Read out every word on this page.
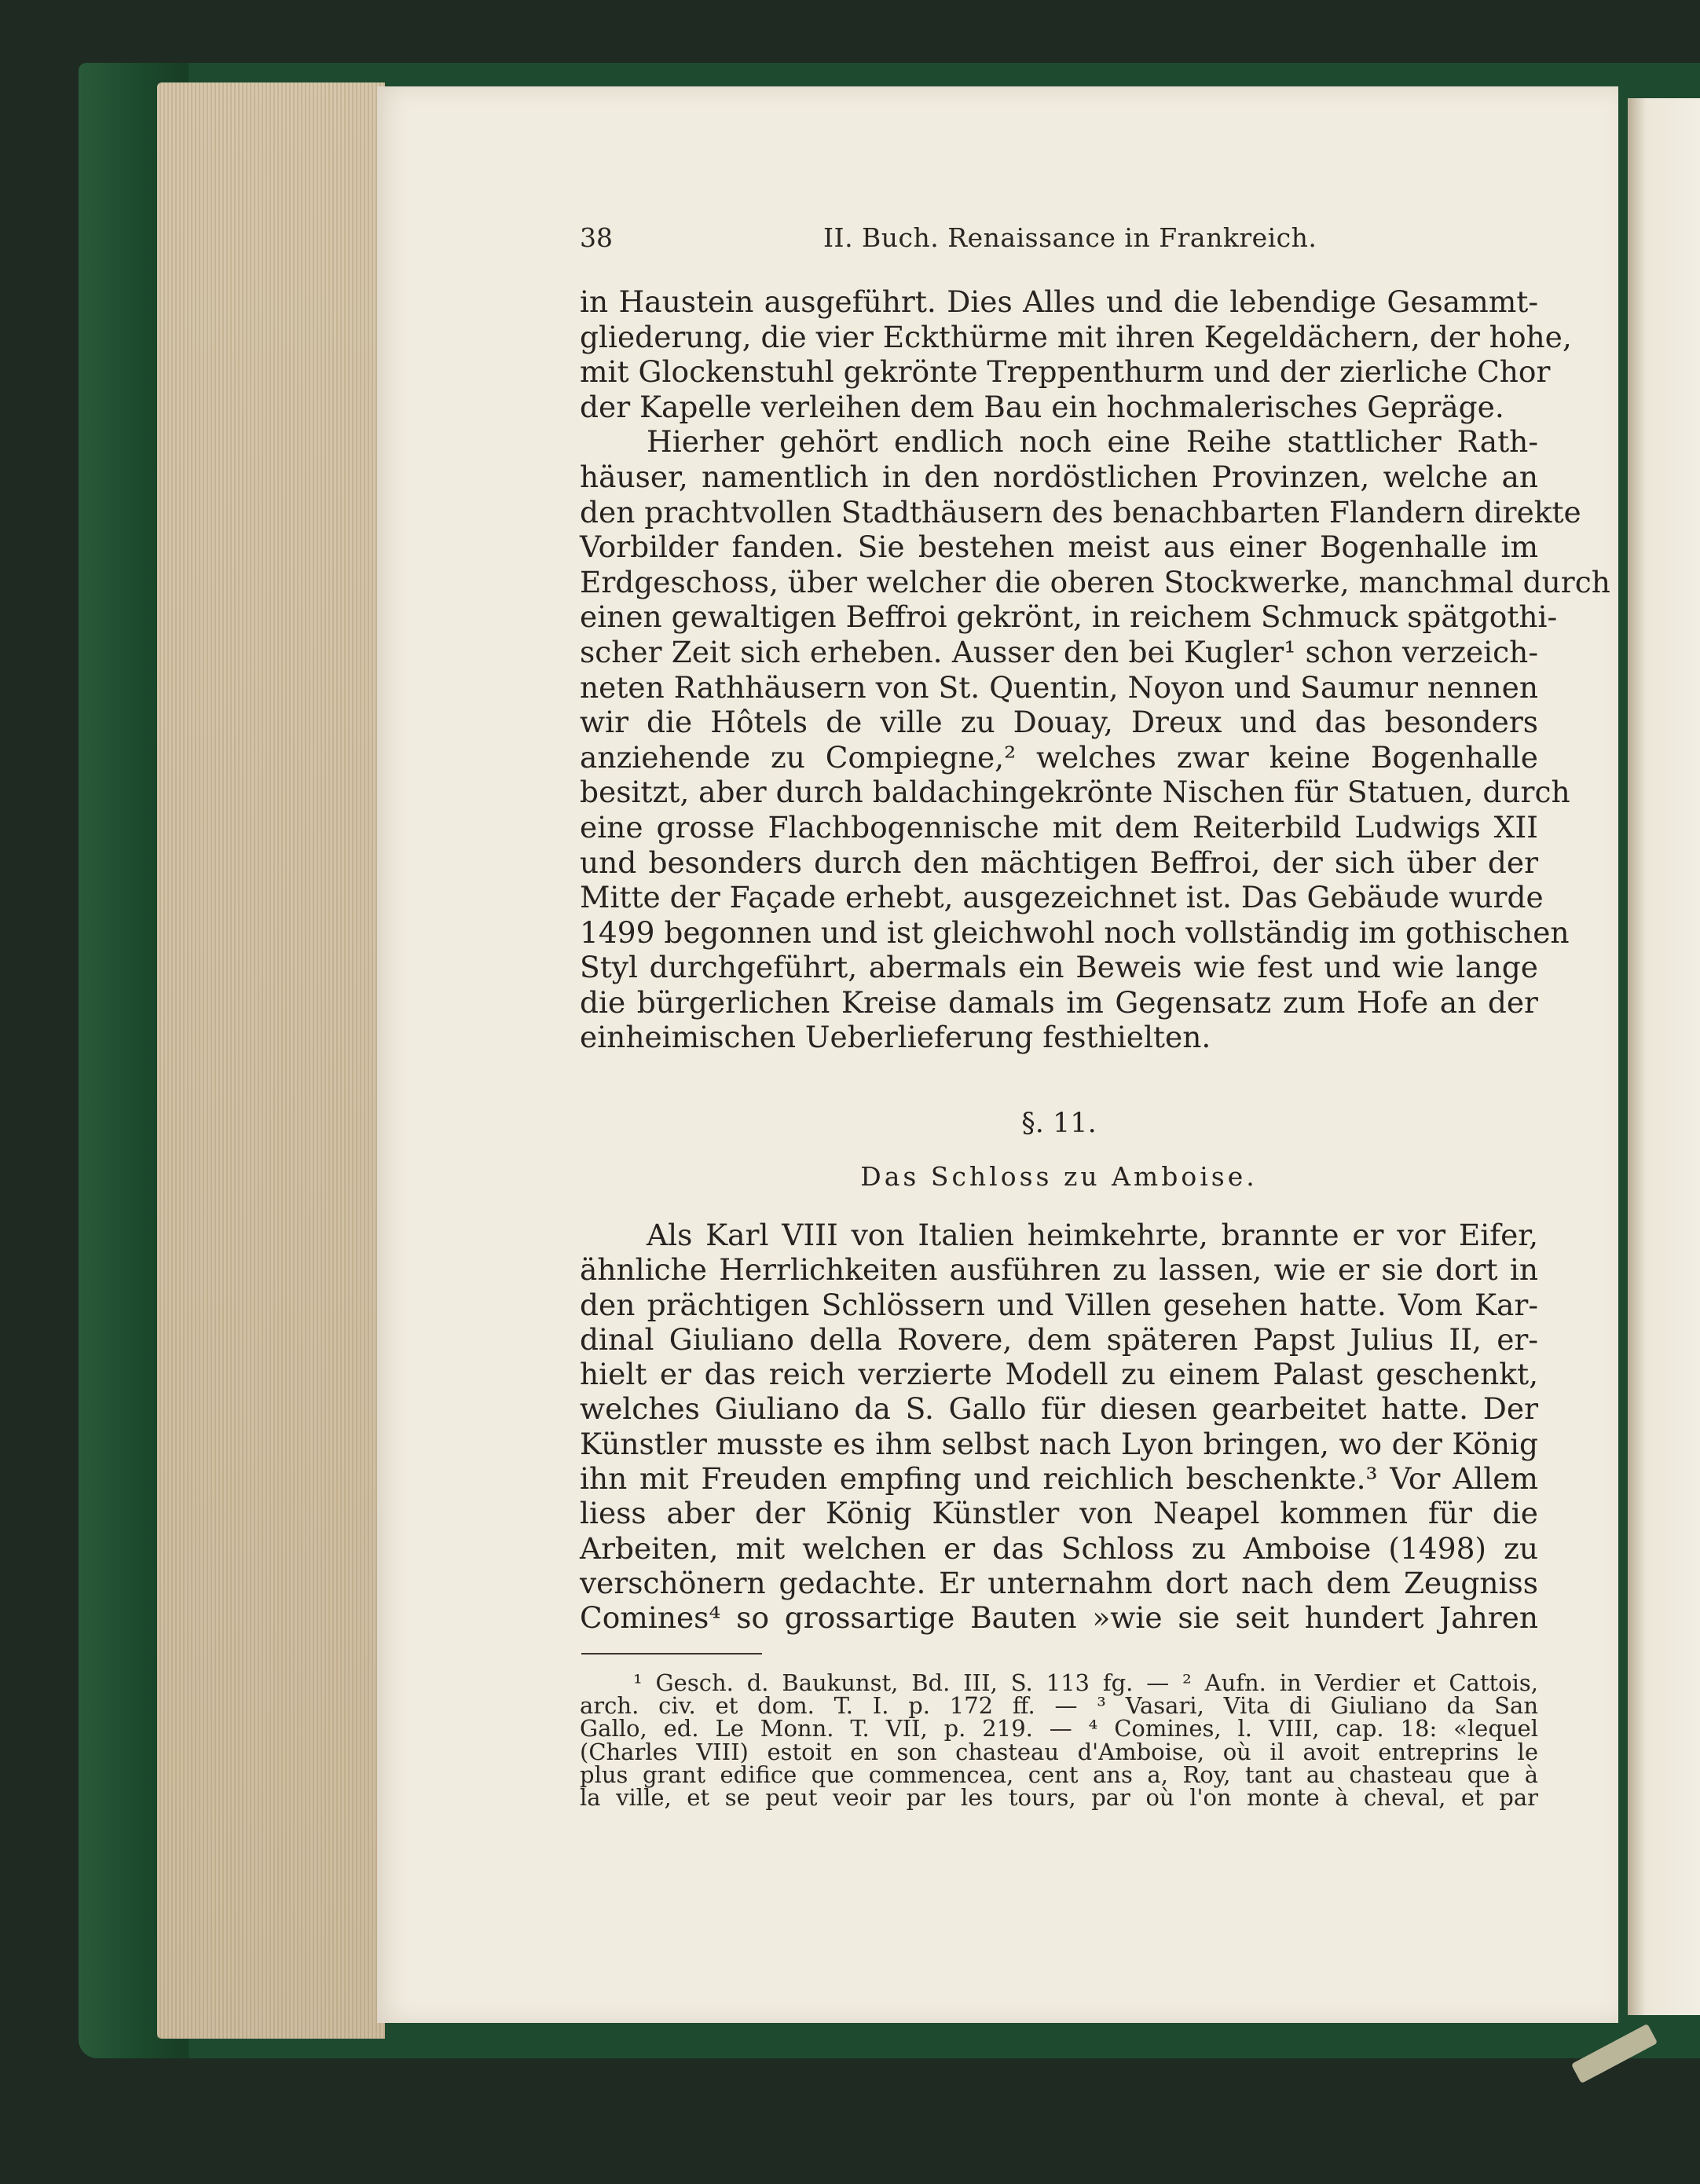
38	II. Buch. Renaissance in Frankreich.
in Haustein ausgeführt. Dies Alles und die lebendige Gesammt-
gliederung, die vier Eckthürme mit ihren Kegeldächern, der hohe,
mit Glockenstuhl gekrönte Treppenthurm und der zierliche Chor
der Kapelle verleihen dem Bau ein hochmalerisches Gepräge.
Hierher gehört endlich noch eine Reihe stattlicher Rath-
häuser, namentlich in den nordöstlichen Provinzen, welche an
den prachtvollen Stadthäusern des benachbarten Flandern direkte
Vorbilder fanden. Sie bestehen meist aus einer Bogenhalle im
Erdgeschoss, über welcher die oberen Stockwerke, manchmal durch
einen gewaltigen Beffroi gekrönt, in reichem Schmuck spätgothi-
scher Zeit sich erheben. Ausser den bei Kugler¹ schon verzeich-
neten Rathhäusern von St. Quentin, Noyon und Saumur nennen
wir die Hôtels de ville zu Douay, Dreux und das besonders
anziehende zu Compiegne,² welches zwar keine Bogenhalle
besitzt, aber durch baldachingekrönte Nischen für Statuen, durch
eine grosse Flachbogennische mit dem Reiterbild Ludwigs XII
und besonders durch den mächtigen Beffroi, der sich über der
Mitte der Façade erhebt, ausgezeichnet ist. Das Gebäude wurde
1499 begonnen und ist gleichwohl noch vollständig im gothischen
Styl durchgeführt, abermals ein Beweis wie fest und wie lange
die bürgerlichen Kreise damals im Gegensatz zum Hofe an der
einheimischen Ueberlieferung festhielten.
§. 11.
Das Schloss zu Amboise.
Als Karl VIII von Italien heimkehrte, brannte er vor Eifer,
ähnliche Herrlichkeiten ausführen zu lassen, wie er sie dort in
den prächtigen Schlössern und Villen gesehen hatte. Vom Kar-
dinal Giuliano della Rovere, dem späteren Papst Julius II, er-
hielt er das reich verzierte Modell zu einem Palast geschenkt,
welches Giuliano da S. Gallo für diesen gearbeitet hatte. Der
Künstler musste es ihm selbst nach Lyon bringen, wo der König
ihn mit Freuden empfing und reichlich beschenkte.³ Vor Allem
liess aber der König Künstler von Neapel kommen für die
Arbeiten, mit welchen er das Schloss zu Amboise (1498) zu
verschönern gedachte. Er unternahm dort nach dem Zeugniss
Comines⁴ so grossartige Bauten »wie sie seit hundert Jahren
¹ Gesch. d. Baukunst, Bd. III, S. 113 fg. — ² Aufn. in Verdier et Cattois,
arch. civ. et dom. T. I. p. 172 ff. — ³ Vasari, Vita di Giuliano da San
Gallo, ed. Le Monn. T. VII, p. 219. — ⁴ Comines, l. VIII, cap. 18: «lequel
(Charles VIII) estoit en son chasteau d'Amboise, où il avoit entreprins le
plus grant edifice que commencea, cent ans a, Roy, tant au chasteau que à
la ville, et se peut veoir par les tours, par où l'on monte à cheval, et par
